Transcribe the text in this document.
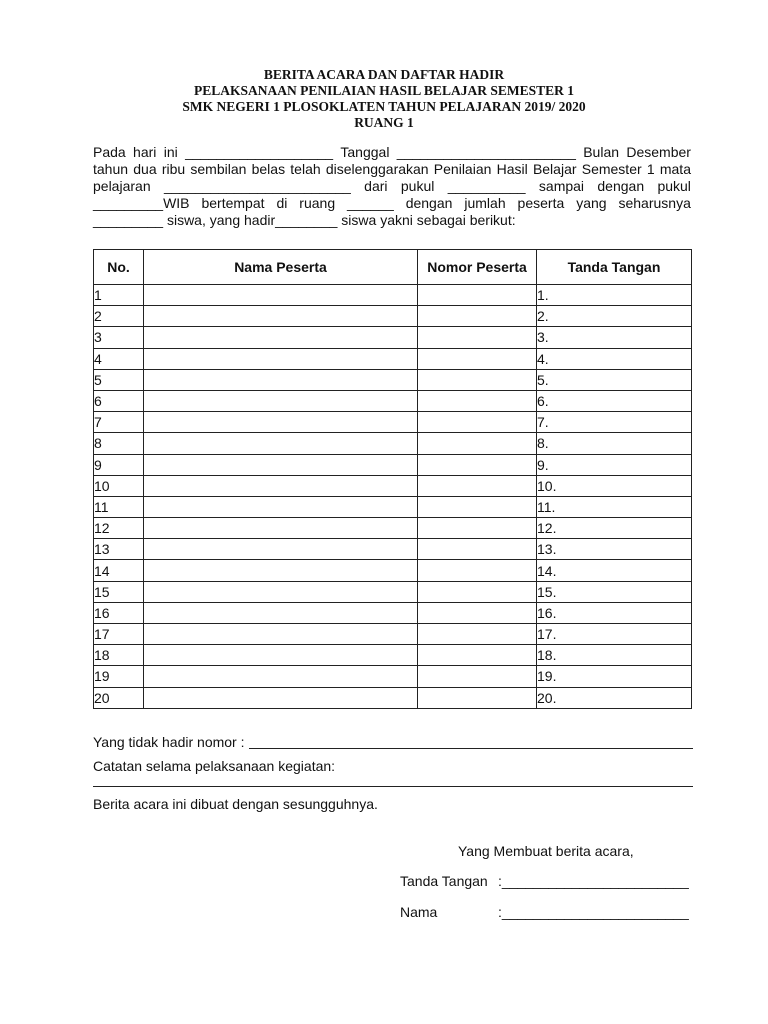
BERITA ACARA DAN DAFTAR HADIR
PELAKSANAAN PENILAIAN HASIL BELAJAR SEMESTER 1
SMK NEGERI 1 PLOSOKLATEN TAHUN PELAJARAN 2019/ 2020
RUANG 1
Pada hari ini ___________________ Tanggal _______________________ Bulan Desember
tahun dua ribu sembilan belas telah diselenggarakan Penilaian Hasil Belajar Semester 1 mata
pelajaran ________________________ dari pukul __________ sampai dengan pukul
_________WIB bertempat di ruang ______ dengan jumlah peserta yang seharusnya
_________ siswa, yang hadir________ siswa yakni sebagai berikut:
No.	Nama Peserta	Nomor Peserta	Tanda Tangan
1			1.
2			2.
3			3.
4			4.
5			5.
6			6.
7			7.
8			8.
9			9.
10			10.
11			11.
12			12.
13			13.
14			14.
15			15.
16			16.
17			17.
18			18.
19			19.
20			20.
Yang tidak hadir nomor :
Catatan selama pelaksanaan kegiatan:
Berita acara ini dibuat dengan sesungguhnya.
Yang Membuat berita acara,
Tanda Tangan :________________________
Nama	:________________________
